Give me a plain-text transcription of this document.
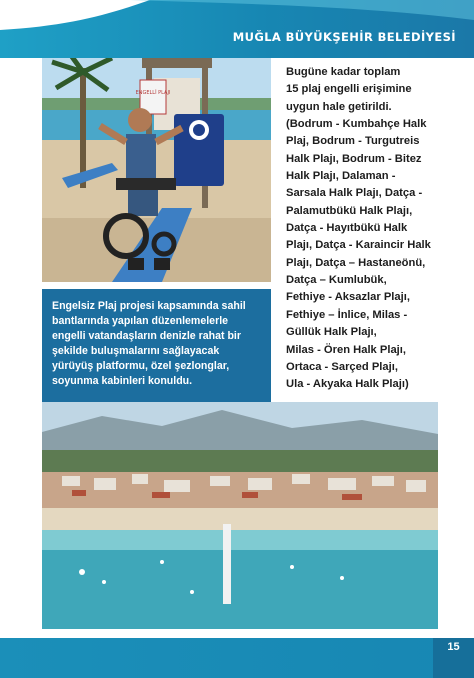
MUĞLA BÜYÜKŞEHİR BELEDİYESİ
ENGELLİ PLAJI
Engelsiz Plaj projesi kapsamında sahil bantlarında yapılan düzenlemelerle engelli vatandaşların denizle rahat bir şekilde buluşmalarını sağlayacak yürüyüş platformu, özel şezlonglar, soyunma kabinleri konuldu.
Bugüne kadar toplam
15 plaj engelli erişimine
uygun hale getirildi.
(Bodrum - Kumbahçe Halk
Plaj, Bodrum - Turgutreis
Halk Plajı, Bodrum - Bitez
Halk Plajı, Dalaman -
Sarsala Halk Plajı, Datça -
Palamutbükü Halk Plajı,
Datça - Hayıtbükü Halk
Plajı, Datça - Karaincir Halk
Plajı, Datça – Hastaneönü,
Datça – Kumlubük,
Fethiye - Aksazlar Plajı,
Fethiye – İnlice, Milas -
Güllük Halk Plajı,
Milas - Ören Halk Plajı,
Ortaca - Sarçed Plajı,
Ula - Akyaka Halk Plajı)
15
